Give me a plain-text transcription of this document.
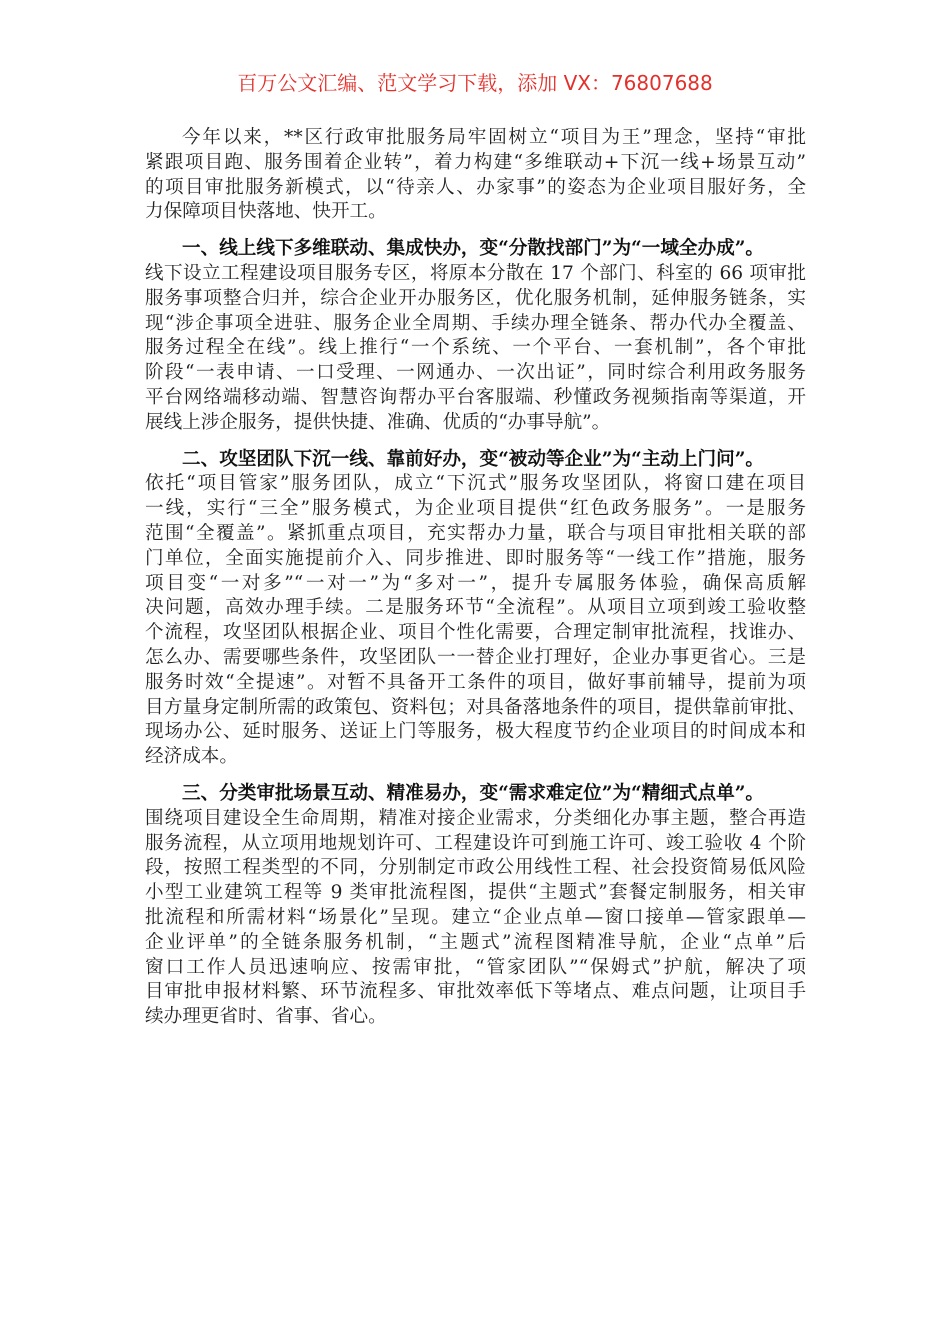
百万公文汇编、范文学习下载，添加 VX：76807688
今年以来，**区行政审批服务局牢固树立“项目为王”理念，坚持“审批
紧跟项目跑、服务围着企业转”，着力构建“多维联动+下沉一线+场景互动”
的项目审批服务新模式，以“待亲人、办家事”的姿态为企业项目服好务，全
力保障项目快落地、快开工。
一、线上线下多维联动、集成快办，变“分散找部门”为“一域全办成”。
线下设立工程建设项目服务专区，将原本分散在 17 个部门、科室的 66 项审批
服务事项整合归并，综合企业开办服务区，优化服务机制，延伸服务链条，实
现“涉企事项全进驻、服务企业全周期、手续办理全链条、帮办代办全覆盖、
服务过程全在线”。线上推行“一个系统、一个平台、一套机制”，各个审批
阶段“一表申请、一口受理、一网通办、一次出证”，同时综合利用政务服务
平台网络端移动端、智慧咨询帮办平台客服端、秒懂政务视频指南等渠道，开
展线上涉企服务，提供快捷、准确、优质的“办事导航”。
二、攻坚团队下沉一线、靠前好办，变“被动等企业”为“主动上门问”。
依托“项目管家”服务团队，成立“下沉式”服务攻坚团队，将窗口建在项目
一线，实行“三全”服务模式，为企业项目提供“红色政务服务”。一是服务
范围“全覆盖”。紧抓重点项目，充实帮办力量，联合与项目审批相关联的部
门单位，全面实施提前介入、同步推进、即时服务等“一线工作”措施，服务
项目变“一对多”“一对一”为“多对一”，提升专属服务体验，确保高质解
决问题，高效办理手续。二是服务环节“全流程”。从项目立项到竣工验收整
个流程，攻坚团队根据企业、项目个性化需要，合理定制审批流程，找谁办、
怎么办、需要哪些条件，攻坚团队一一替企业打理好，企业办事更省心。三是
服务时效“全提速”。对暂不具备开工条件的项目，做好事前辅导，提前为项
目方量身定制所需的政策包、资料包；对具备落地条件的项目，提供靠前审批、
现场办公、延时服务、送证上门等服务，极大程度节约企业项目的时间成本和
经济成本。
三、分类审批场景互动、精准易办，变“需求难定位”为“精细式点单”。
围绕项目建设全生命周期，精准对接企业需求，分类细化办事主题，整合再造
服务流程，从立项用地规划许可、工程建设许可到施工许可、竣工验收 4 个阶
段，按照工程类型的不同，分别制定市政公用线性工程、社会投资简易低风险
小型工业建筑工程等 9 类审批流程图，提供“主题式”套餐定制服务，相关审
批流程和所需材料“场景化”呈现。建立“企业点单—窗口接单—管家跟单—
企业评单”的全链条服务机制，“主题式”流程图精准导航，企业“点单”后
窗口工作人员迅速响应、按需审批，“管家团队”“保姆式”护航，解决了项
目审批申报材料繁、环节流程多、审批效率低下等堵点、难点问题，让项目手
续办理更省时、省事、省心。
